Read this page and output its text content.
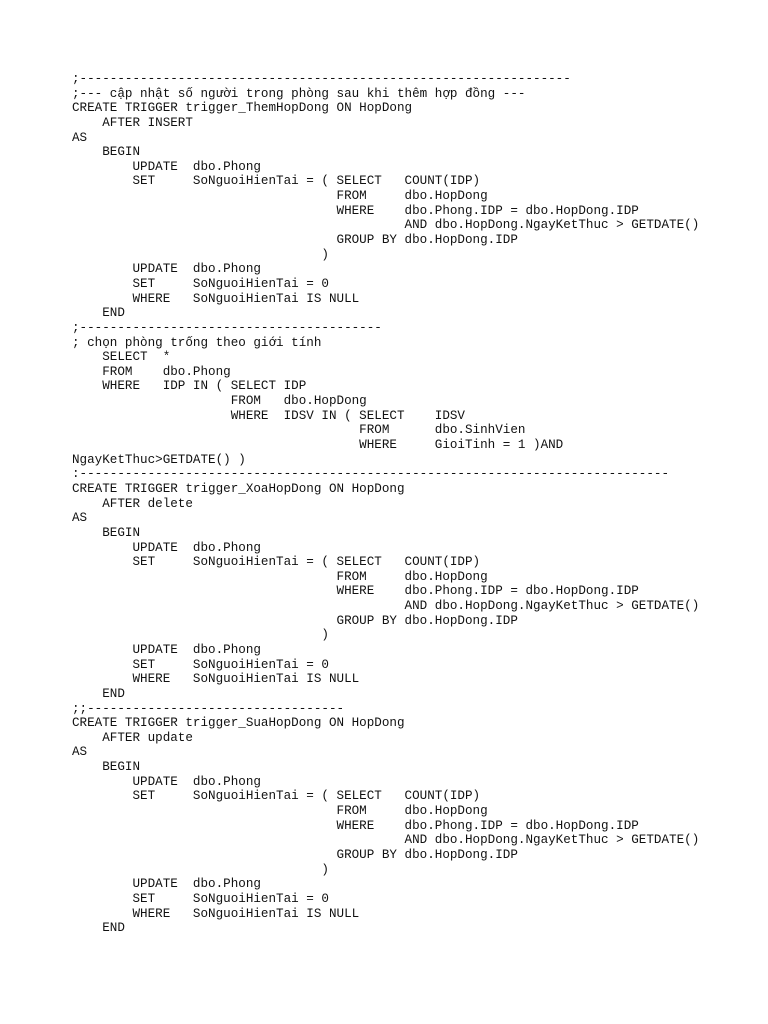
;-----------------------------------------------------------------
;--- cập nhật số người trong phòng sau khi thêm hợp đồng ---
CREATE TRIGGER trigger_ThemHopDong ON HopDong
AFTER INSERT
AS
BEGIN
UPDATE  dbo.Phong
SET     SoNguoiHienTai = ( SELECT   COUNT(IDP)
FROM     dbo.HopDong
WHERE    dbo.Phong.IDP = dbo.HopDong.IDP
AND dbo.HopDong.NgayKetThuc > GETDATE()
GROUP BY dbo.HopDong.IDP
)
UPDATE  dbo.Phong
SET     SoNguoiHienTai = 0
WHERE   SoNguoiHienTai IS NULL
END
;----------------------------------------
; chọn phòng trống theo giới tính
SELECT  *
FROM    dbo.Phong
WHERE   IDP IN ( SELECT IDP
FROM   dbo.HopDong
WHERE  IDSV IN ( SELECT    IDSV
FROM      dbo.SinhVien
WHERE     GioiTinh = 1 )AND
NgayKetThuc>GETDATE() )
:------------------------------------------------------------------------------
CREATE TRIGGER trigger_XoaHopDong ON HopDong
AFTER delete
AS
BEGIN
UPDATE  dbo.Phong
SET     SoNguoiHienTai = ( SELECT   COUNT(IDP)
FROM     dbo.HopDong
WHERE    dbo.Phong.IDP = dbo.HopDong.IDP
AND dbo.HopDong.NgayKetThuc > GETDATE()
GROUP BY dbo.HopDong.IDP
)
UPDATE  dbo.Phong
SET     SoNguoiHienTai = 0
WHERE   SoNguoiHienTai IS NULL
END
;;----------------------------------
CREATE TRIGGER trigger_SuaHopDong ON HopDong
AFTER update
AS
BEGIN
UPDATE  dbo.Phong
SET     SoNguoiHienTai = ( SELECT   COUNT(IDP)
FROM     dbo.HopDong
WHERE    dbo.Phong.IDP = dbo.HopDong.IDP
AND dbo.HopDong.NgayKetThuc > GETDATE()
GROUP BY dbo.HopDong.IDP
)
UPDATE  dbo.Phong
SET     SoNguoiHienTai = 0
WHERE   SoNguoiHienTai IS NULL
END
